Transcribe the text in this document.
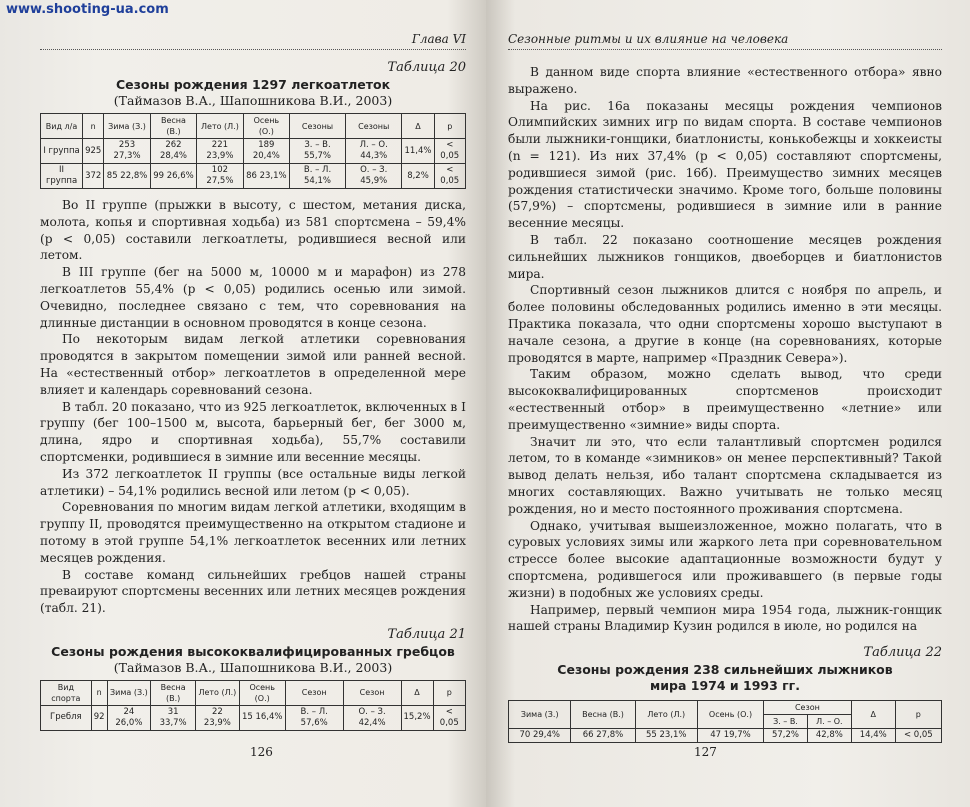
www.shooting-ua.com
Глава VI
Таблица 20
Сезоны рождения 1297 легкоатлеток
(Таймазов В.А., Шапошникова В.И., 2003)
Вид л/а	n	Зима (З.)	Весна (В.)	Лето (Л.)	Осень (О.)	Сезоны	Сезоны	Δ	p
I группа	925	253 27,3%	262 28,4%	221 23,9%	189 20,4%	З. – В. 55,7%	Л. – О. 44,3%	11,4%	< 0,05
II группа	372	85 22,8%	99 26,6%	102 27,5%	86 23,1%	В. – Л. 54,1%	О. – З. 45,9%	8,2%	< 0,05

Во II группе (прыжки в высоту, с шестом, метания диска, молота, копья и спортивная ходьба) из 581 спортсмена – 59,4% (p < 0,05) составили легкоатлеты, родившиеся весной или летом.

В III группе (бег на 5000 м, 10000 м и марафон) из 278 легкоатлетов 55,4% (p < 0,05) родились осенью или зимой. Очевидно, последнее связано с тем, что соревнования на длинные дистанции в основном проводятся в конце сезона.

По некоторым видам легкой атлетики соревнования проводятся в закрытом помещении зимой или ранней весной. На «естественный отбор» легкоатлетов в определенной мере влияет и календарь соревнований сезона.

В табл. 20 показано, что из 925 легкоатлеток, включенных в I группу (бег 100–1500 м, высота, барьерный бег, бег 3000 м, длина, ядро и спортивная ходьба), 55,7% составили спортсменки, родившиеся в зимние или весенние месяцы.

Из 372 легкоатлеток II группы (все остальные виды легкой атлетики) – 54,1% родились весной или летом (p < 0,05).

Соревнования по многим видам легкой атлетики, входящим в группу II, проводятся преимущественно на открытом стадионе и потому в этой группе 54,1% легкоатлеток весенних или летних месяцев рождения.

В составе команд сильнейших гребцов нашей страны преваируют спортсмены весенних или летних месяцев рождения (табл. 21).

Таблица 21
Сезоны рождения высококвалифицированных гребцов
(Таймазов В.А., Шапошникова В.И., 2003)
Вид спорта	n	Зима (З.)	Весна (В.)	Лето (Л.)	Осень (О.)	Сезон	Сезон	Δ	p
Гребля	92	24 26,0%	31 33,7%	22 23,9%	15 16,4%	В. – Л. 57,6%	О. – З. 42,4%	15,2%	< 0,05
126
Сезонные ритмы и их влияние на человека

В данном виде спорта влияние «естественного отбора» явно выражено.

На рис. 16а показаны месяцы рождения чемпионов Олимпийских зимних игр по видам спорта. В составе чемпионов были лыжники-гонщики, биатлонисты, конькобежцы и хоккеисты (n = 121). Из них 37,4% (p < 0,05) составляют спортсмены, родившиеся зимой (рис. 16б). Преимущество зимних месяцев рождения статистически значимо. Кроме того, больше половины (57,9%) – спортсмены, родившиеся в зимние или в ранние весенние месяцы.

В табл. 22 показано соотношение месяцев рождения сильнейших лыжников гонщиков, двоеборцев и биатлонистов мира.

Спортивный сезон лыжников длится с ноября по апрель, и более половины обследованных родились именно в эти месяцы. Практика показала, что одни спортсмены хорошо выступают в начале сезона, а другие в конце (на соревнованиях, которые проводятся в марте, например «Праздник Севера»).

Таким образом, можно сделать вывод, что среди высококвалифицированных спортсменов происходит «естественный отбор» в преимущественно «летние» или преимущественно «зимние» виды спорта.

Значит ли это, что если талантливый спортсмен родился летом, то в команде «зимников» он менее перспективный? Такой вывод делать нельзя, ибо талант спортсмена складывается из многих составляющих. Важно учитывать не только месяц рождения, но и место постоянного проживания спортсмена.

Однако, учитывая вышеизложенное, можно полагать, что в суровых условиях зимы или жаркого лета при соревновательном стрессе более высокие адаптационные возможности будут у спортсмена, родившегося или проживавшего (в первые годы жизни) в подобных же условиях среды.

Например, первый чемпион мира 1954 года, лыжник-гонщик нашей страны Владимир Кузин родился в июле, но родился на

Таблица 22
Сезоны рождения 238 сильнейших лыжников мира 1974 и 1993 гг.
Зима (З.)	Весна (В.)	Лето (Л.)	Осень (О.)	Сезон		Δ	p
				З. – В.	Л. – О.		
70 29,4%	66 27,8%	55 23,1%	47 19,7%	57,2%	42,8%	14,4%	< 0,05
127
